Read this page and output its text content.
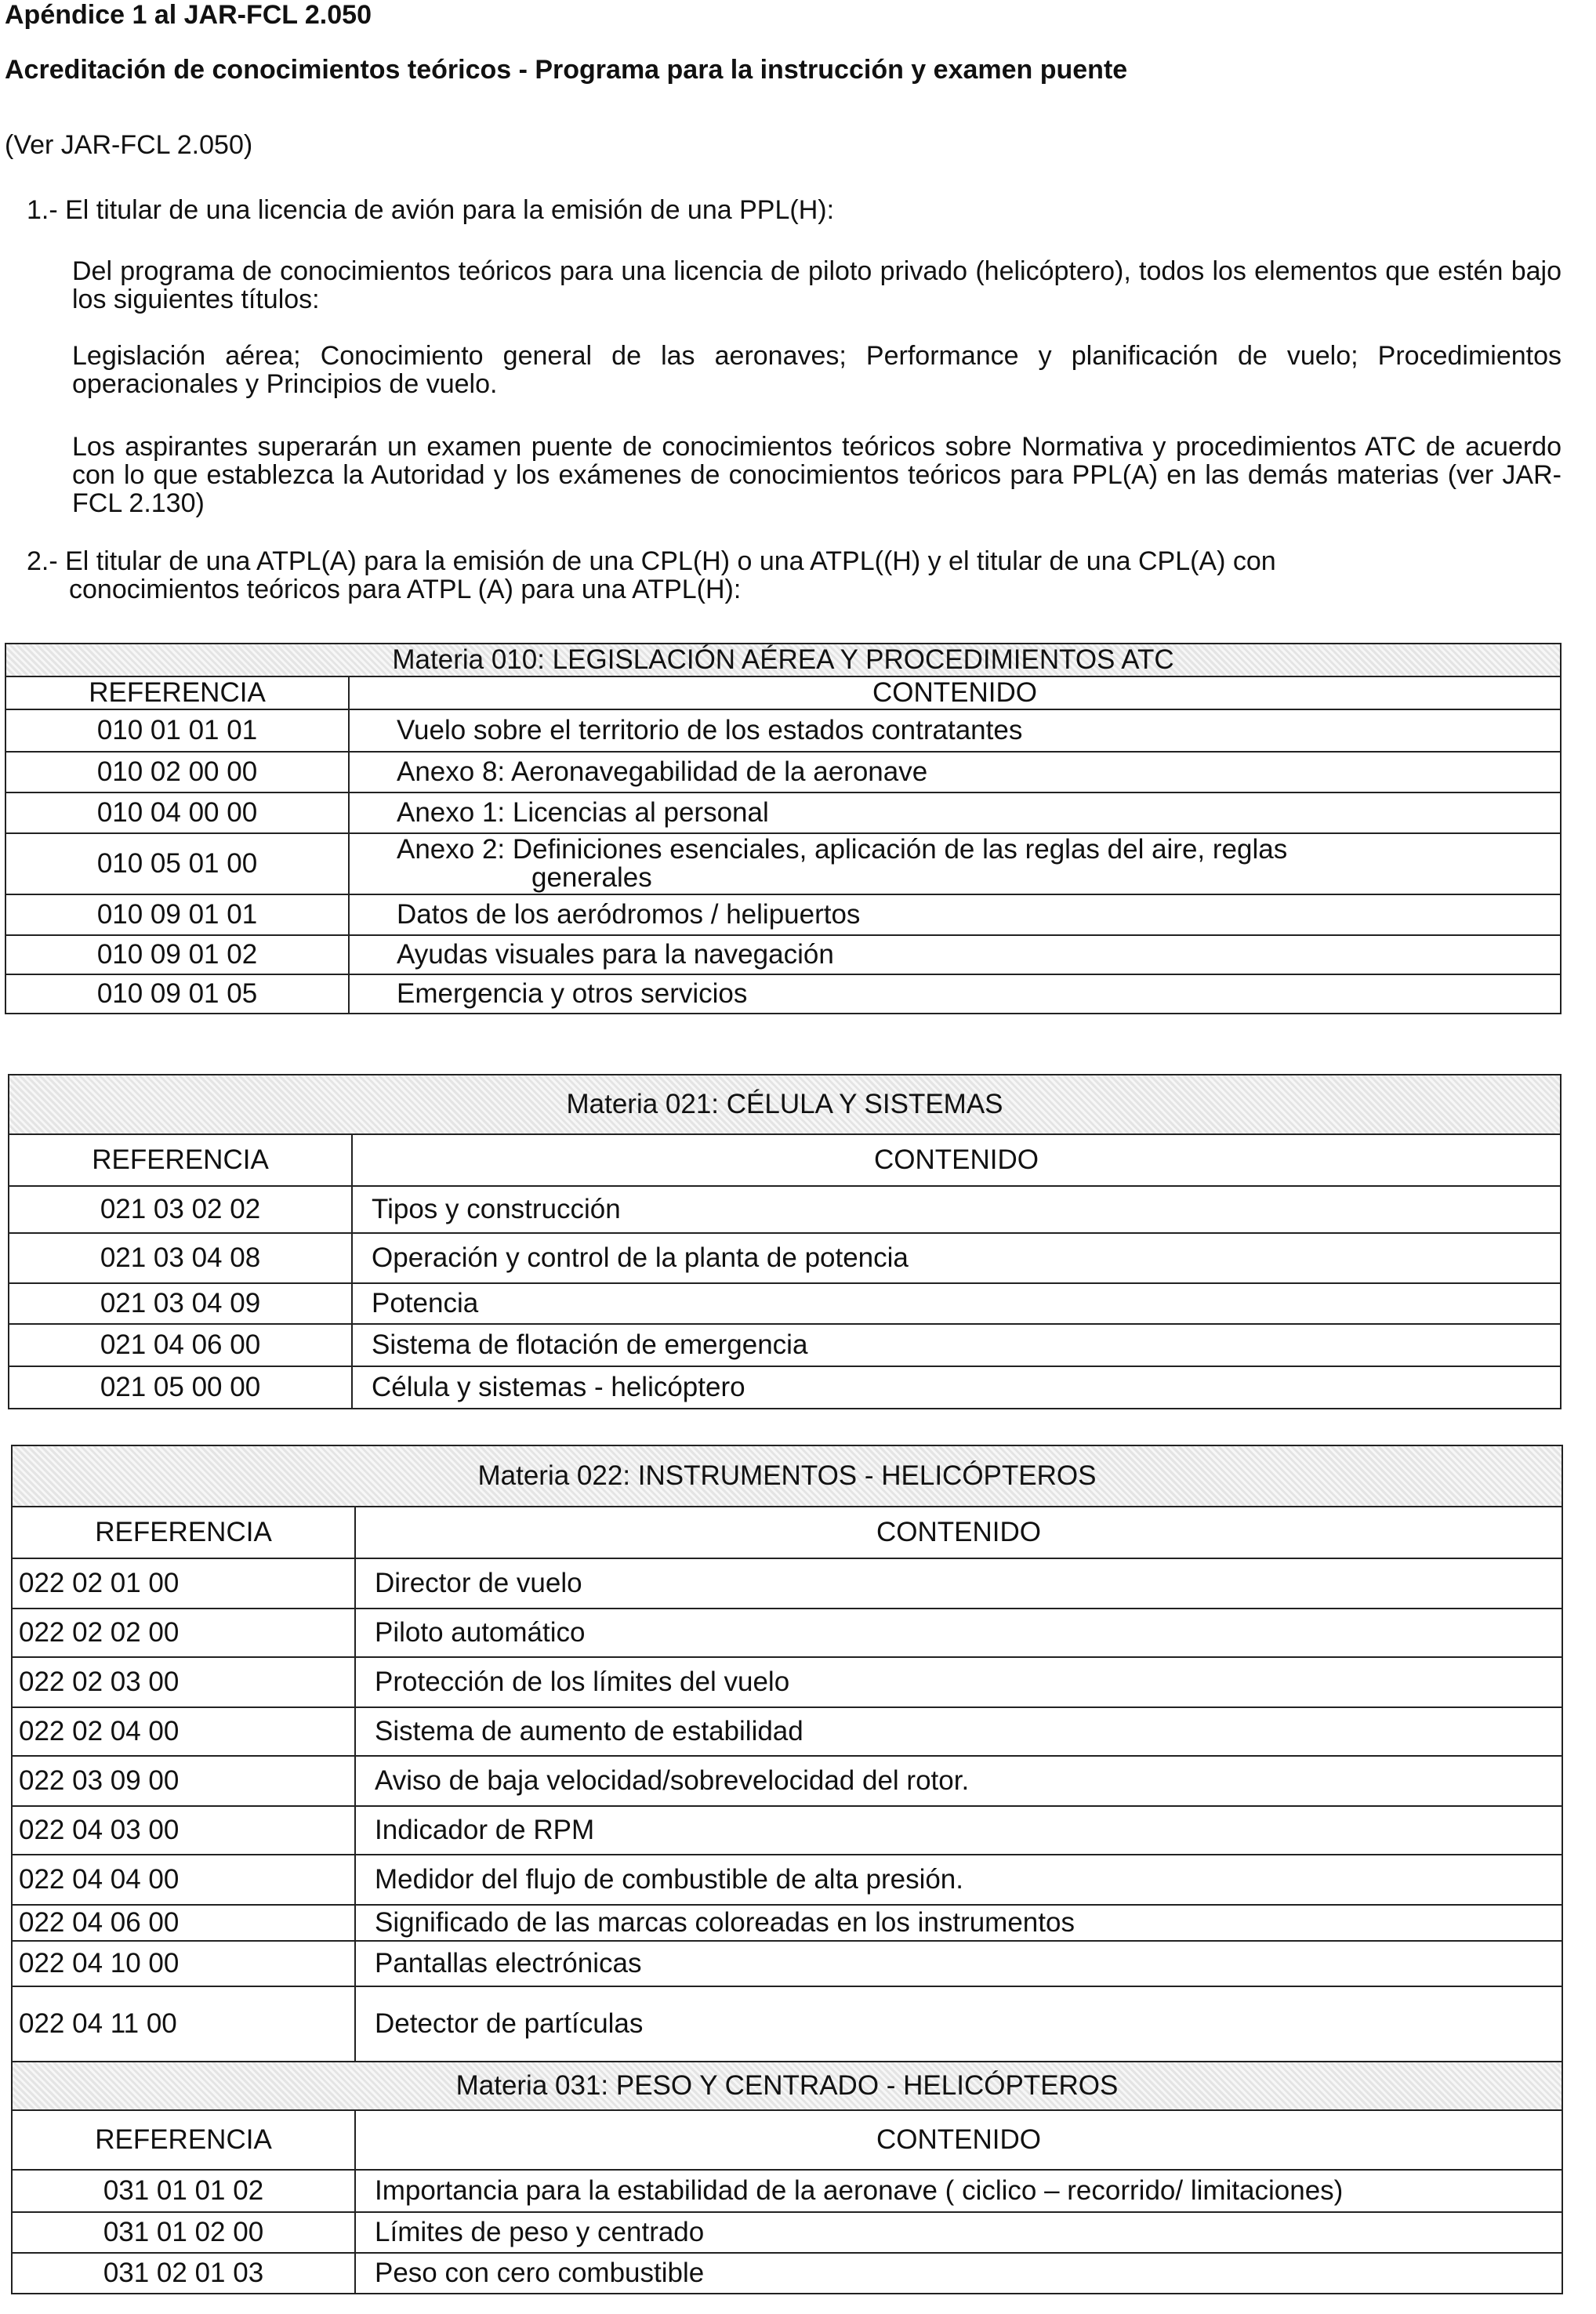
Apéndice 1 al JAR-FCL 2.050
Acreditación de conocimientos teóricos - Programa para la instrucción y examen puente
(Ver JAR-FCL 2.050)
1.- El titular de una licencia de avión para la emisión de una PPL(H):
Del programa de conocimientos teóricos para una licencia de piloto privado (helicóptero), todos los elementos que estén bajo los siguientes títulos:
Legislación aérea; Conocimiento general de las aeronaves; Performance y planificación de vuelo; Procedimientos operacionales y Principios de vuelo.
Los aspirantes superarán un examen puente de conocimientos teóricos sobre Normativa y procedimientos ATC de acuerdo con lo que establezca la Autoridad y los exámenes de conocimientos teóricos para PPL(A) en las demás materias (ver JAR-FCL 2.130)
2.- El titular de una ATPL(A) para la emisión de una CPL(H) o una ATPL((H) y el titular de una CPL(A) con
conocimientos teóricos para ATPL (A) para una ATPL(H):
Materia 010: LEGISLACIÓN AÉREA Y PROCEDIMIENTOS ATC	
REFERENCIA	CONTENIDO
010 01 01 01	Vuelo sobre el territorio de los estados contratantes
010 02 00 00	Anexo 8: Aeronavegabilidad de la aeronave
010 04 00 00	Anexo 1: Licencias al personal
010 05 01 00	Anexo 2: Definiciones esenciales, aplicación de las reglas del aire, reglas
generales

010 09 01 01	Datos de los aeródromos / helipuertos
010 09 01 02	Ayudas visuales para la navegación
010 09 01 05	Emergencia y otros servicios
Materia 021: CÉLULA Y SISTEMAS	
REFERENCIA	CONTENIDO
021 03 02 02	Tipos y construcción
021 03 04 08	Operación y control de la planta de potencia
021 03 04 09	Potencia
021 04 06 00	Sistema de flotación de emergencia
021 05 00 00	Célula y sistemas - helicóptero
Materia 022: INSTRUMENTOS - HELICÓPTEROS	
REFERENCIA	CONTENIDO
022 02 01 00	Director de vuelo
022 02 02 00	Piloto automático
022 02 03 00	Protección de los límites del vuelo
022 02 04 00	Sistema de aumento de estabilidad
022 03 09 00	Aviso de baja velocidad/sobrevelocidad del rotor.
022 04 03 00	Indicador de RPM
022 04 04 00	Medidor del flujo de combustible de alta presión.
022 04 06 00	Significado de las marcas coloreadas en los instrumentos
022 04 10 00	Pantallas electrónicas
022 04 11 00	Detector de partículas
Materia 031: PESO Y CENTRADO - HELICÓPTEROS	
REFERENCIA	CONTENIDO
031 01 01 02	Importancia para la estabilidad de la aeronave ( ciclico – recorrido/ limitaciones)
031 01 02 00	Límites de peso y centrado
031 02 01 03	Peso con cero combustible
